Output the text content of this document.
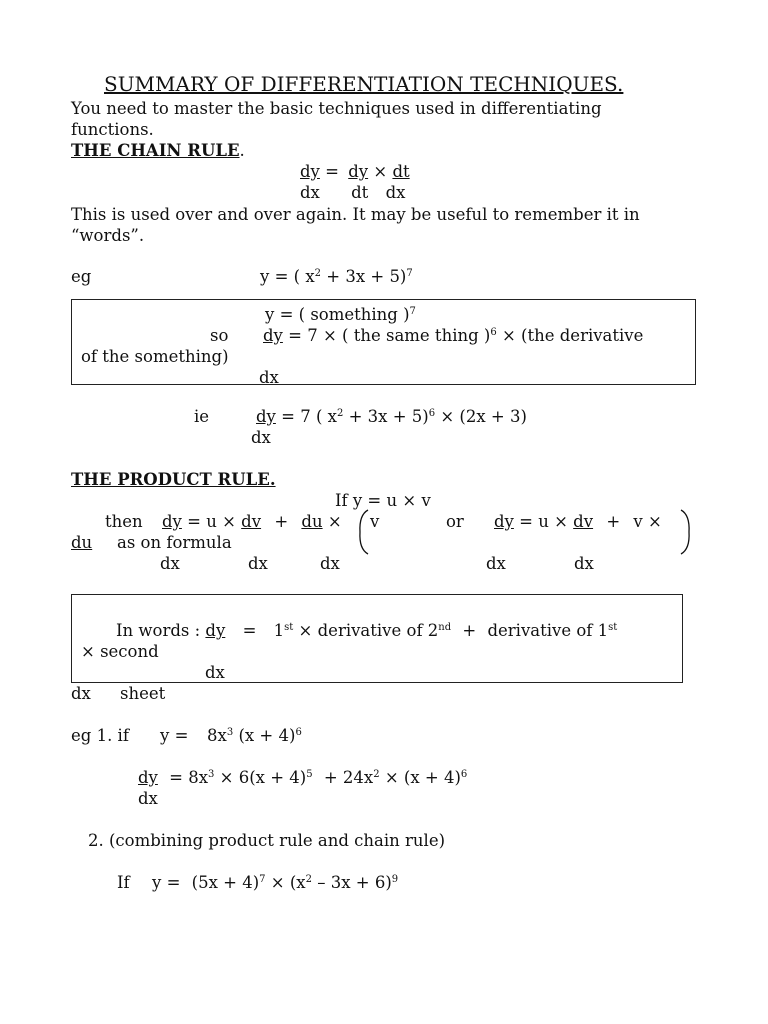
SUMMARY OF DIFFERENTIATION TECHNIQUES.
You need to master the basic techniques used in differentiating functions.
THE CHAIN RULE.
dy = dy × dt
dx dt dx
This is used over and over again. It may be useful to remember it in “words”.
eg	y = ( $x^2 + 3x + 5)^7$
y = ( something )$^7$
so dy = 7 × ( the same thing )$^6$ × (the derivative
of the something)
dx
ie	dy = 7 ( $x^2 + 3x + 5)^6 \times (2x + 3)$
dx
THE PRODUCT RULE.
If y = u × v
then dy = u × dv + du × v	or dy = u × dv + v ×
du as on formula
dx	dx	dx	dx	dx
In words : dy = 1st × derivative of 2nd + derivative of 1st
× second
dx
dx sheet
eg 1. if $y = 8x^3$ $(x + 4)^6$
dy = $8x^3 \times 6(x + 4)^5 + 24x^2 \times (x + 4)^6$
dx
2. (combining product rule and chain rule)
If $y = (5x + 4)^7 \times (x^2 - 3x + 6)^9$
